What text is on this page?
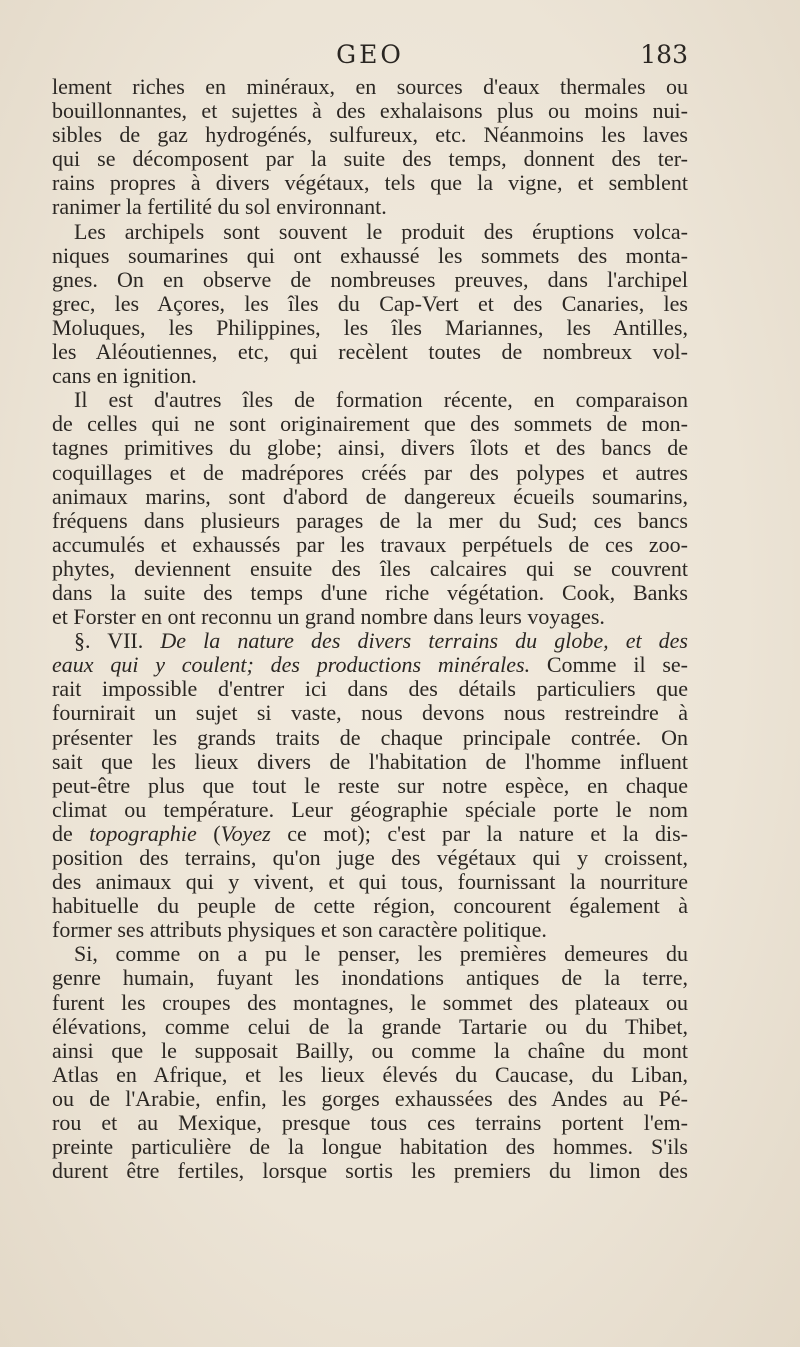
GEO	183
lement riches en minéraux, en sources d'eaux thermales ou
bouillonnantes, et sujettes à des exhalaisons plus ou moins nui-
sibles de gaz hydrogénés, sulfureux, etc. Néanmoins les laves
qui se décomposent par la suite des temps, donnent des ter-
rains propres à divers végétaux, tels que la vigne, et semblent
ranimer la fertilité du sol environnant.
Les archipels sont souvent le produit des éruptions volca-
niques soumarines qui ont exhaussé les sommets des monta-
gnes. On en observe de nombreuses preuves, dans l'archipel
grec, les Açores, les îles du Cap-Vert et des Canaries, les
Moluques, les Philippines, les îles Mariannes, les Antilles,
les Aléoutiennes, etc, qui recèlent toutes de nombreux vol-
cans en ignition.
Il est d'autres îles de formation récente, en comparaison
de celles qui ne sont originairement que des sommets de mon-
tagnes primitives du globe; ainsi, divers îlots et des bancs de
coquillages et de madrépores créés par des polypes et autres
animaux marins, sont d'abord de dangereux écueils soumarins,
fréquens dans plusieurs parages de la mer du Sud; ces bancs
accumulés et exhaussés par les travaux perpétuels de ces zoo-
phytes, deviennent ensuite des îles calcaires qui se couvrent
dans la suite des temps d'une riche végétation. Cook, Banks
et Forster en ont reconnu un grand nombre dans leurs voyages.
§. VII. De la nature des divers terrains du globe, et des
eaux qui y coulent; des productions minérales. Comme il se-
rait impossible d'entrer ici dans des détails particuliers que
fournirait un sujet si vaste, nous devons nous restreindre à
présenter les grands traits de chaque principale contrée. On
sait que les lieux divers de l'habitation de l'homme influent
peut-être plus que tout le reste sur notre espèce, en chaque
climat ou température. Leur géographie spéciale porte le nom
de topographie (Voyez ce mot); c'est par la nature et la dis-
position des terrains, qu'on juge des végétaux qui y croissent,
des animaux qui y vivent, et qui tous, fournissant la nourriture
habituelle du peuple de cette région, concourent également à
former ses attributs physiques et son caractère politique.
Si, comme on a pu le penser, les premières demeures du
genre humain, fuyant les inondations antiques de la terre,
furent les croupes des montagnes, le sommet des plateaux ou
élévations, comme celui de la grande Tartarie ou du Thibet,
ainsi que le supposait Bailly, ou comme la chaîne du mont
Atlas en Afrique, et les lieux élevés du Caucase, du Liban,
ou de l'Arabie, enfin, les gorges exhaussées des Andes au Pé-
rou et au Mexique, presque tous ces terrains portent l'em-
preinte particulière de la longue habitation des hommes. S'ils
durent être fertiles, lorsque sortis les premiers du limon des
